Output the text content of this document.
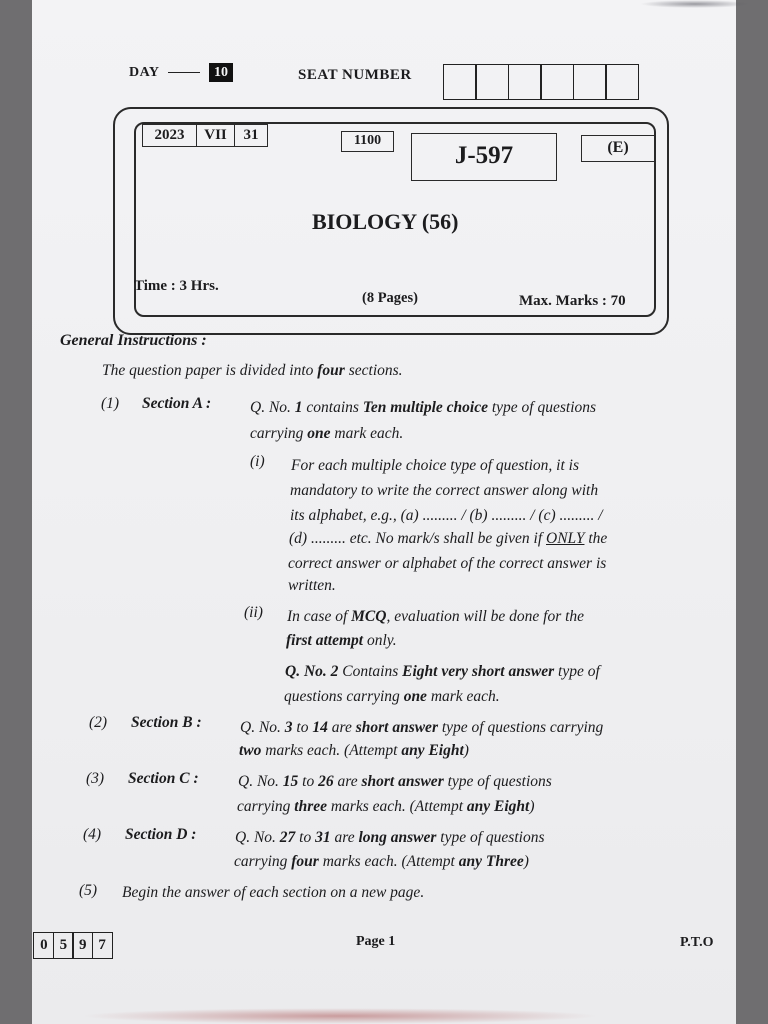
DAY	10	SEAT NUMBER
2023	VII	31	1100
J-597	(E)
BIOLOGY (56)
Time : 3 Hrs.
(8 Pages)	Max. Marks : 70
General Instructions :
The question paper is divided into four sections.
(1) Section A :	Q. No. 1 contains Ten multiple choice type of questions
carrying one mark each.
(i) For each multiple choice type of question, it is
mandatory to write the correct answer along with
its alphabet, e.g., (a) ......... / (b) ......... / (c) ......... /
(d) ......... etc. No mark/s shall be given if ONLY the
correct answer or alphabet of the correct answer is
written.
(ii) In case of MCQ, evaluation will be done for the
first attempt only.
Q. No. 2 Contains Eight very short answer type of
questions carrying one mark each.
(2) Section B : Q. No. 3 to 14 are short answer type of questions carrying
two marks each. (Attempt any Eight)
(3) Section C :	Q. No. 15 to 26 are short answer type of questions
carrying three marks each. (Attempt any Eight)
(4) Section D : Q. No. 27 to 31 are long answer type of questions
carrying four marks each. (Attempt any Three)
(5) Begin the answer of each section on a new page.
0 5 9 7	Page 1	P.T.O
